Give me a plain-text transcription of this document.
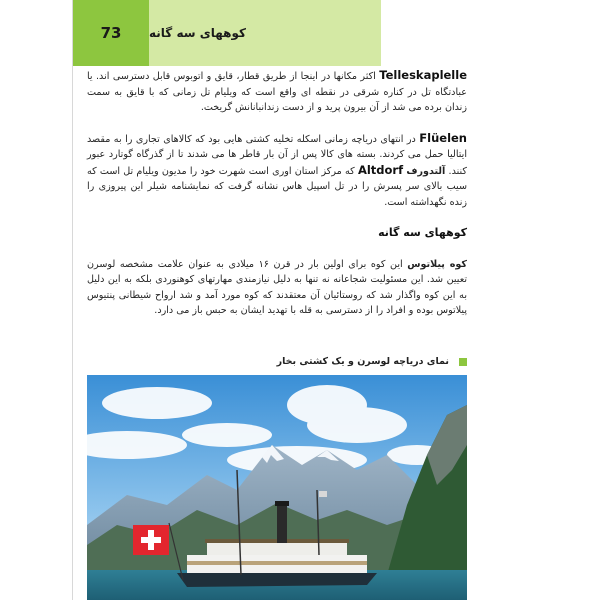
73	کوههای سه گانه

Telleskaplelle اکثر مکانها در اینجا از طریق قطار، قایق و اتوبوس قابل دسترسی اند. یا عبادتگاه تل در کناره شرقی در نقطه ای واقع است که ویلیام تل زمانی که با قایق به سمت زندان برده می شد از آن بیرون پرید و از دست زندانبانانش گریخت.

Flüelen در انتهای دریاچه زمانی اسکله تخلیه کشتی هایی بود که کالاهای تجاری را به مقصد ایتالیا حمل می کردند. بسته های کالا پس از آن بار قاطر ها می شدند تا از گذرگاه گوتارد عبور کنند. آلتدورف Altdorf که مرکز استان اوری است شهرت خود را مدیون ویلیام تل است که سیب بالای سر پسرش را در تل اسپیل هاس نشانه گرفت که نمایشنامه شیلر این پیروزی را زنده نگهداشته است.

کوههای سه گانه

کوه پیلاتوس این کوه برای اولین بار در قرن ۱۶ میلادی به عنوان علامت مشخصه لوسرن تعیین شد. این مسئولیت شجاعانه نه تنها به دلیل نیازمندی مهارتهای کوهنوردی بلکه به این دلیل به این کوه واگذار شد که روستائیان آن معتقدند که کوه مورد آمد و شد ارواح شیطانی پنتیوس پیلاتوس بوده و افراد را از دسترسی به قله با تهدید ایشان به حبس باز می دارد.

نمای دریاچه لوسرن و یک کشتی بخار
